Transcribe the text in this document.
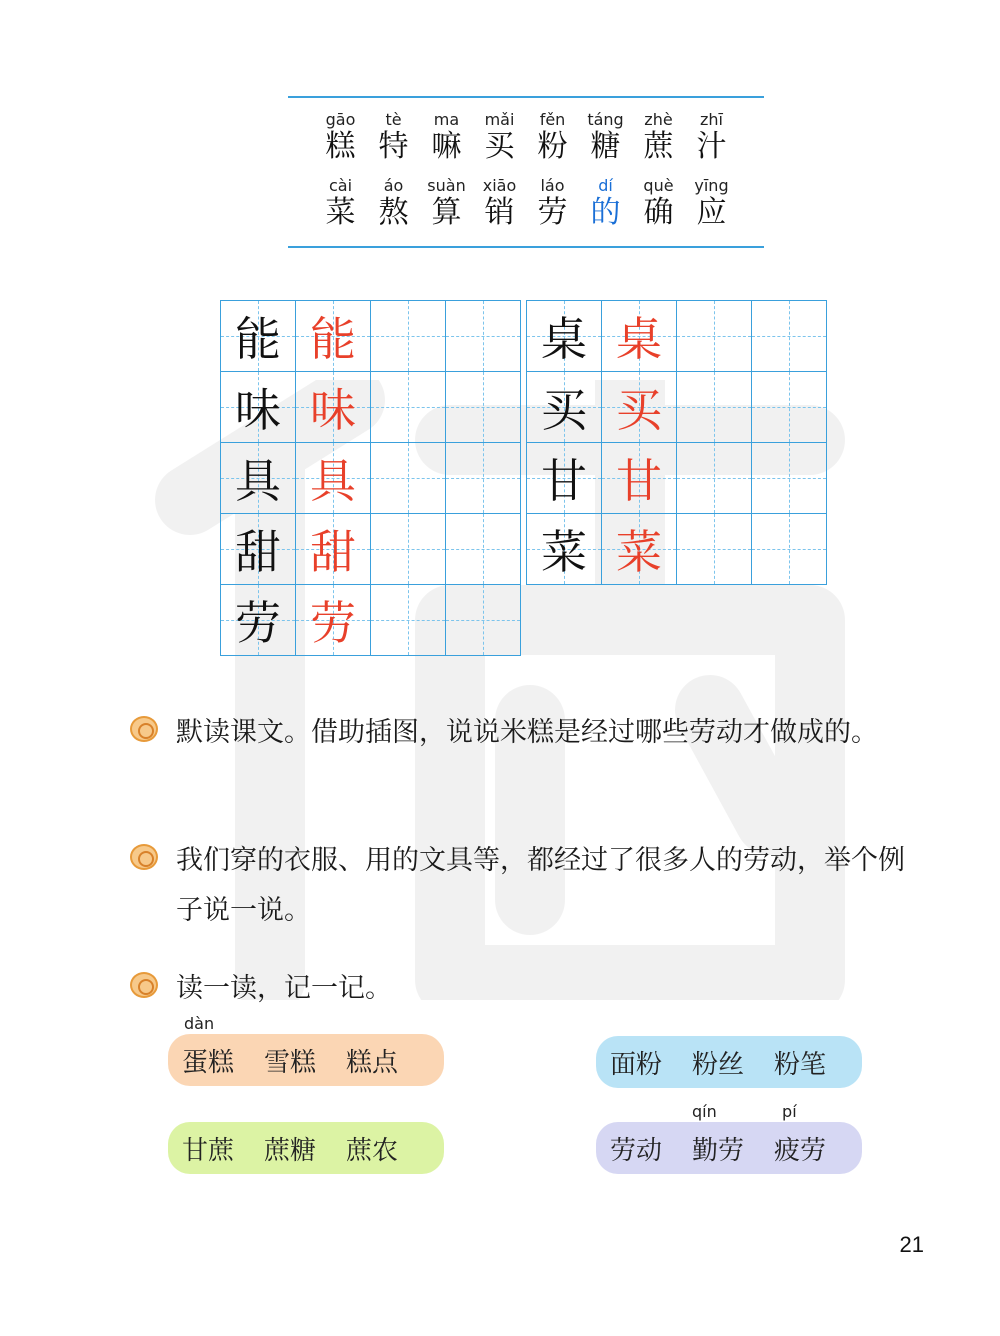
gāo
糕
tè
特
ma
嘛
mǎi
买
fěn
粉
táng
糖
zhè
蔗
zhī
汁
cài
菜
áo
熬
suàn
算
xiāo
销
láo
劳
dí
的
què
确
yīng
应
能 能
味 味
具 具
甜 甜
劳 劳
桌 桌
买 买
甘 甘
菜 菜
默读课文。借助插图，说说米糕是经过哪些劳动才做成的。
我们穿的衣服、用的文具等，都经过了很多人的劳动，举个例子说一说。
读一读，记一记。
dàn
蛋糕 雪糕 糕点
甘蔗 蔗糖 蔗农
面粉 粉丝 粉笔
劳动
qín
勤劳
pí
疲劳
21
